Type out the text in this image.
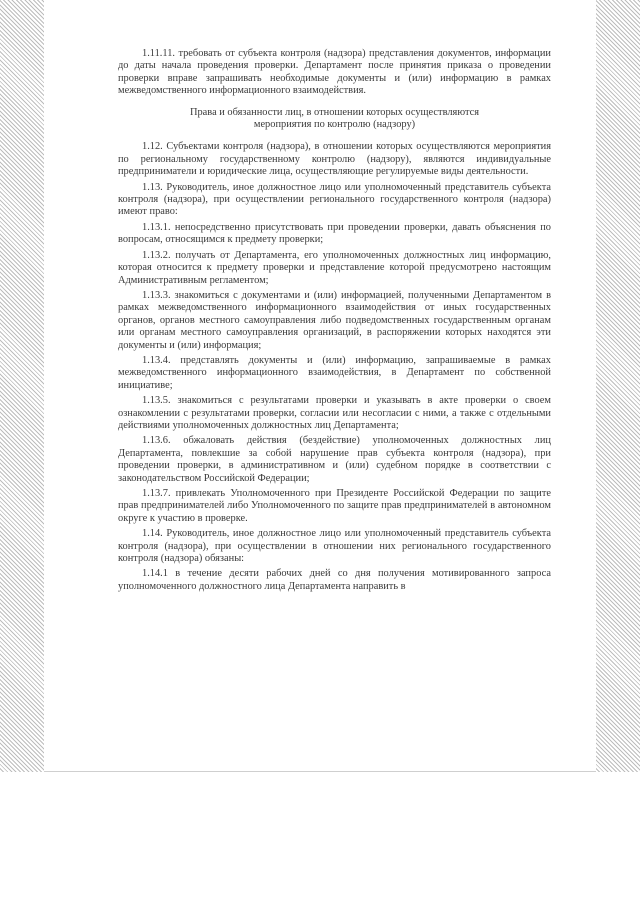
1.11.11. требовать от субъекта контроля (надзора) представления документов, информации до даты начала проведения проверки. Департамент после принятия приказа о проведении проверки вправе запрашивать необходимые документы и (или) информацию в рамках межведомственного информационного взаимодействия.

Права и обязанности лиц, в отношении которых осуществляются
мероприятия по контролю (надзору)

1.12. Субъектами контроля (надзора), в отношении которых осуществляются мероприятия по региональному государственному контролю (надзору), являются индивидуальные предприниматели и юридические лица, осуществляющие регулируемые виды деятельности.

1.13. Руководитель, иное должностное лицо или уполномоченный представитель субъекта контроля (надзора), при осуществлении регионального государственного контроля (надзора) имеют право:

1.13.1. непосредственно присутствовать при проведении проверки, давать объяснения по вопросам, относящимся к предмету проверки;

1.13.2. получать от Департамента, его уполномоченных должностных лиц информацию, которая относится к предмету проверки и представление которой предусмотрено настоящим Административным регламентом;

1.13.3. знакомиться с документами и (или) информацией, полученными Департаментом в рамках межведомственного информационного взаимодействия от иных государственных органов, органов местного самоуправления либо подведомственных государственным органам или органам местного самоуправления организаций, в распоряжении которых находятся эти документы и (или) информация;

1.13.4. представлять документы и (или) информацию, запрашиваемые в рамках межведомственного информационного взаимодействия, в Департамент по собственной инициативе;

1.13.5. знакомиться с результатами проверки и указывать в акте проверки о своем ознакомлении с результатами проверки, согласии или несогласии с ними, а также с отдельными действиями уполномоченных должностных лиц Департамента;

1.13.6. обжаловать действия (бездействие) уполномоченных должностных лиц Департамента, повлекшие за собой нарушение прав субъекта контроля (надзора), при проведении проверки, в административном и (или) судебном порядке в соответствии с законодательством Российской Федерации;

1.13.7. привлекать Уполномоченного при Президенте Российской Федерации по защите прав предпринимателей либо Уполномоченного по защите прав предпринимателей в автономном округе к участию в проверке.

1.14. Руководитель, иное должностное лицо или уполномоченный представитель субъекта контроля (надзора), при осуществлении в отношении них регионального государственного контроля (надзора) обязаны:

1.14.1 в течение десяти рабочих дней со дня получения мотивированного запроса уполномоченного должностного лица Департамента направить в
